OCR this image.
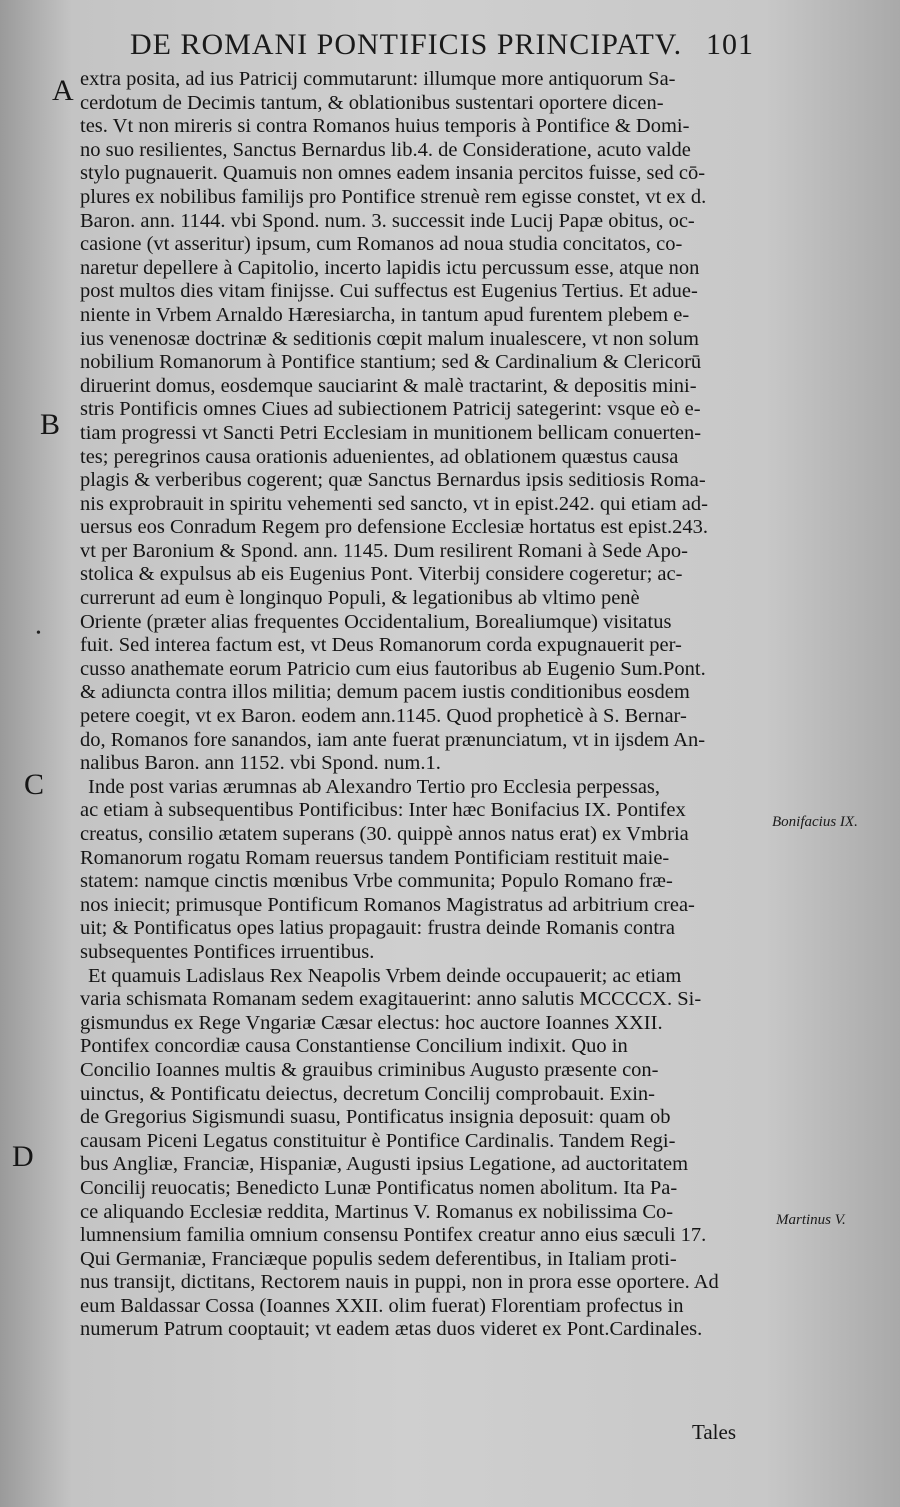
DE ROMANI PONTIFICIS PRINCIPATV. 101
A
B
C
D
•
Bonifacius IX.
Martinus V.
extra posita, ad ius Patricij commutarunt: illumque more antiquorum Sa-
cerdotum de Decimis tantum, & oblationibus sustentari oportere dicen-
tes. Vt non mireris si contra Romanos huius temporis à Pontifice & Domi-
no suo resilientes, Sanctus Bernardus lib.4. de Consideratione, acuto valde
stylo pugnauerit. Quamuis non omnes eadem insania percitos fuisse, sed cō-
plures ex nobilibus familijs pro Pontifice strenuè rem egisse constet, vt ex d.
Baron. ann. 1144. vbi Spond. num. 3. successit inde Lucij Papæ obitus, oc-
casione (vt asseritur) ipsum, cum Romanos ad noua studia concitatos, co-
naretur depellere à Capitolio, incerto lapidis ictu percussum esse, atque non
post multos dies vitam finijsse. Cui suffectus est Eugenius Tertius. Et adue-
niente in Vrbem Arnaldo Hæresiarcha, in tantum apud furentem plebem e-
ius venenosæ doctrinæ & seditionis cœpit malum inualescere, vt non solum
nobilium Romanorum à Pontifice stantium; sed & Cardinalium & Clericorū
diruerint domus, eosdemque sauciarint & malè tractarint, & depositis mini-
stris Pontificis omnes Ciues ad subiectionem Patricij sategerint: vsque eò e-
tiam progressi vt Sancti Petri Ecclesiam in munitionem bellicam conuerten-
tes; peregrinos causa orationis aduenientes, ad oblationem quæstus causa
plagis & verberibus cogerent; quæ Sanctus Bernardus ipsis seditiosis Roma-
nis exprobrauit in spiritu vehementi sed sancto, vt in epist.242. qui etiam ad-
uersus eos Conradum Regem pro defensione Ecclesiæ hortatus est epist.243.
vt per Baronium & Spond. ann. 1145. Dum resilirent Romani à Sede Apo-
stolica & expulsus ab eis Eugenius Pont. Viterbij considere cogeretur; ac-
currerunt ad eum è longinquo Populi, & legationibus ab vltimo penè
Oriente (præter alias frequentes Occidentalium, Borealiumque) visitatus
fuit. Sed interea factum est, vt Deus Romanorum corda expugnauerit per-
cusso anathemate eorum Patricio cum eius fautoribus ab Eugenio Sum.Pont.
& adiuncta contra illos militia; demum pacem iustis conditionibus eosdem
petere coegit, vt ex Baron. eodem ann.1145. Quod propheticè à S. Bernar-
do, Romanos fore sanandos, iam ante fuerat prænunciatum, vt in ijsdem An-
nalibus Baron. ann 1152. vbi Spond. num.1.
Inde post varias ærumnas ab Alexandro Tertio pro Ecclesia perpessas,
ac etiam à subsequentibus Pontificibus: Inter hæc Bonifacius IX. Pontifex
creatus, consilio ætatem superans (30. quippè annos natus erat) ex Vmbria
Romanorum rogatu Romam reuersus tandem Pontificiam restituit maie-
statem: namque cinctis mœnibus Vrbe communita; Populo Romano fræ-
nos iniecit; primusque Pontificum Romanos Magistratus ad arbitrium crea-
uit; & Pontificatus opes latius propagauit: frustra deinde Romanis contra
subsequentes Pontifices irruentibus.
Et quamuis Ladislaus Rex Neapolis Vrbem deinde occupauerit; ac etiam
varia schismata Romanam sedem exagitauerint: anno salutis MCCCCX. Si-
gismundus ex Rege Vngariæ Cæsar electus: hoc auctore Ioannes XXII.
Pontifex concordiæ causa Constantiense Concilium indixit. Quo in
Concilio Ioannes multis & grauibus criminibus Augusto præsente con-
uinctus, & Pontificatu deiectus, decretum Concilij comprobauit. Exin-
de Gregorius Sigismundi suasu, Pontificatus insignia deposuit: quam ob
causam Piceni Legatus constituitur è Pontifice Cardinalis. Tandem Regi-
bus Angliæ, Franciæ, Hispaniæ, Augusti ipsius Legatione, ad auctoritatem
Concilij reuocatis; Benedicto Lunæ Pontificatus nomen abolitum. Ita Pa-
ce aliquando Ecclesiæ reddita, Martinus V. Romanus ex nobilissima Co-
lumnensium familia omnium consensu Pontifex creatur anno eius sæculi 17.
Qui Germaniæ, Franciæque populis sedem deferentibus, in Italiam proti-
nus transijt, dictitans, Rectorem nauis in puppi, non in prora esse oportere. Ad
eum Baldassar Cossa (Ioannes XXII. olim fuerat) Florentiam profectus in
numerum Patrum cooptauit; vt eadem ætas duos videret ex Pont.Cardinales.
Tales
